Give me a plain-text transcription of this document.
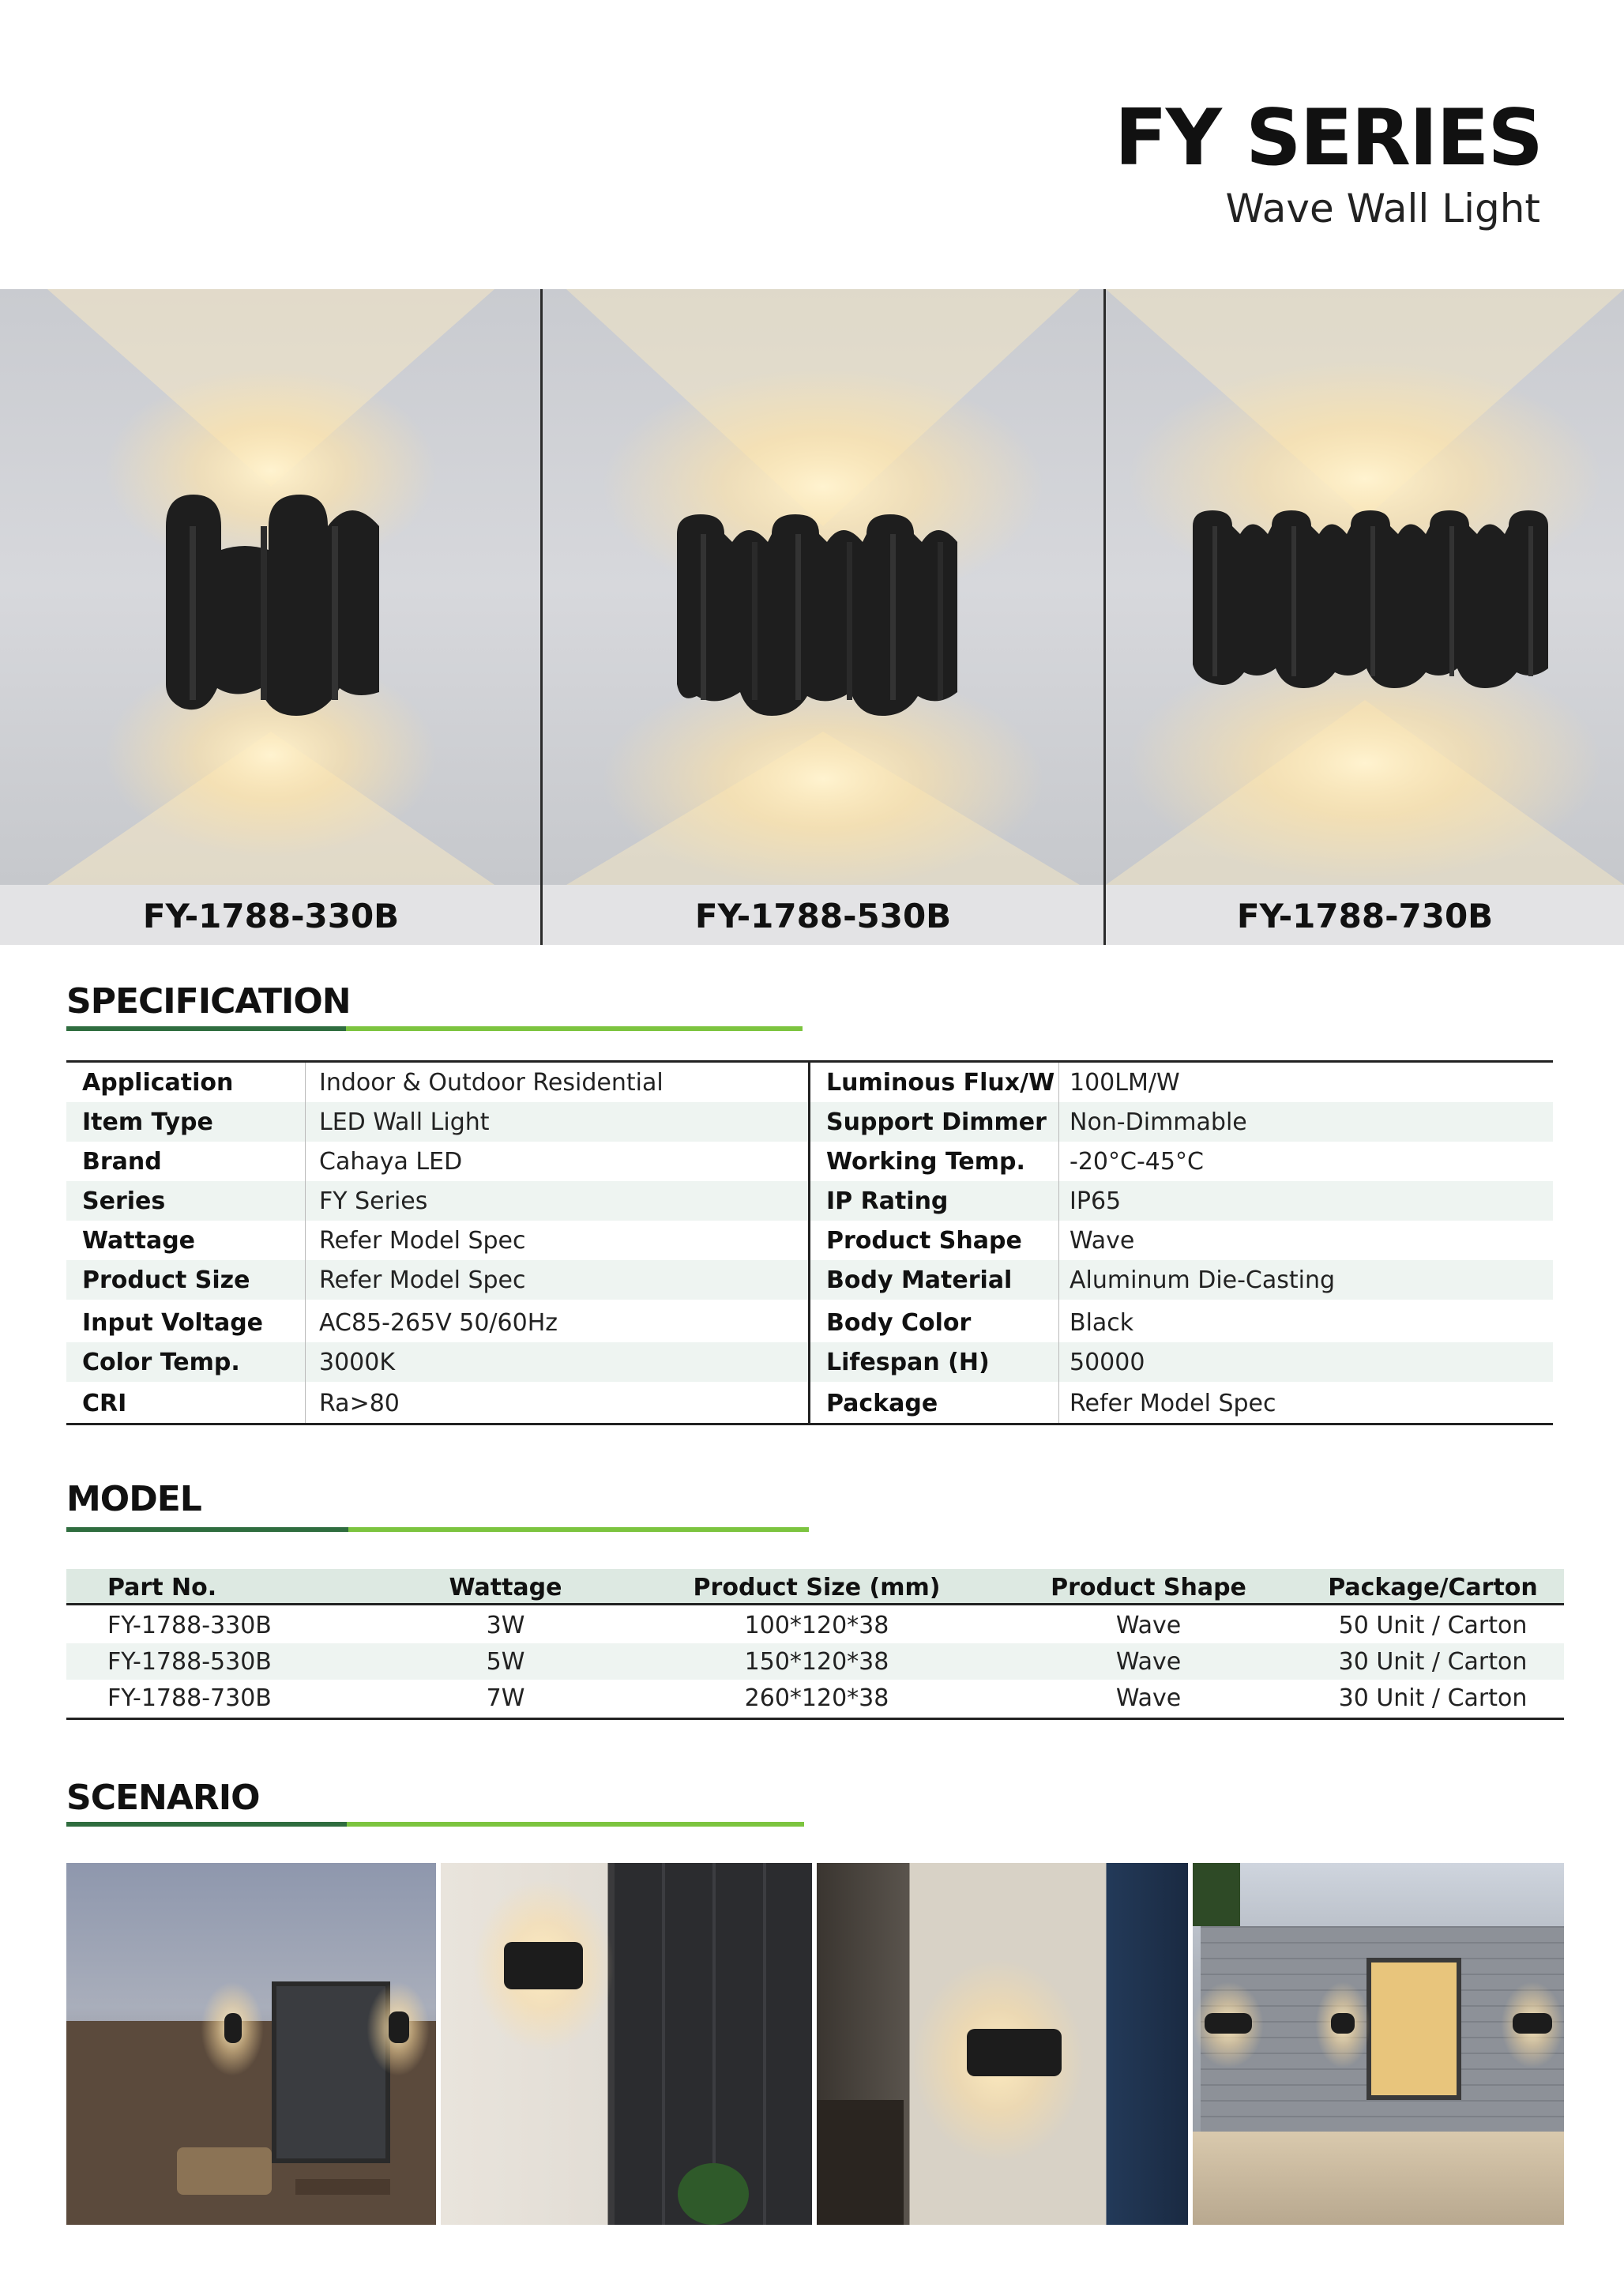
FY SERIES
Wave Wall Light
FY-1788-330B	FY-1788-530B	FY-1788-730B
SPECIFICATION
Application	Indoor & Outdoor Residential	Luminous Flux/W 100LM/W
Item Type	LED Wall Light	Support Dimmer Non-Dimmable
Brand	Cahaya LED	Working Temp. -20°C-45°C
Series	FY Series	IP Rating	IP65
Wattage	Refer Model Spec	Product Shape Wave
Product Size	Refer Model Spec	Body Material Aluminum Die-Casting
Input Voltage AC85-265V 50/60Hz	Body Color	Black
Color Temp.	3000K	Lifespan (H)	50000
CRI	Ra>80	Package	Refer Model Spec
MODEL
Part No.	Wattage	Product Size (mm)	Product Shape	Package/Carton
FY-1788-330B	3W	100*120*38	Wave	50 Unit / Carton
FY-1788-530B	5W	150*120*38	Wave	30 Unit / Carton
FY-1788-730B	7W	260*120*38	Wave	30 Unit / Carton
SCENARIO
